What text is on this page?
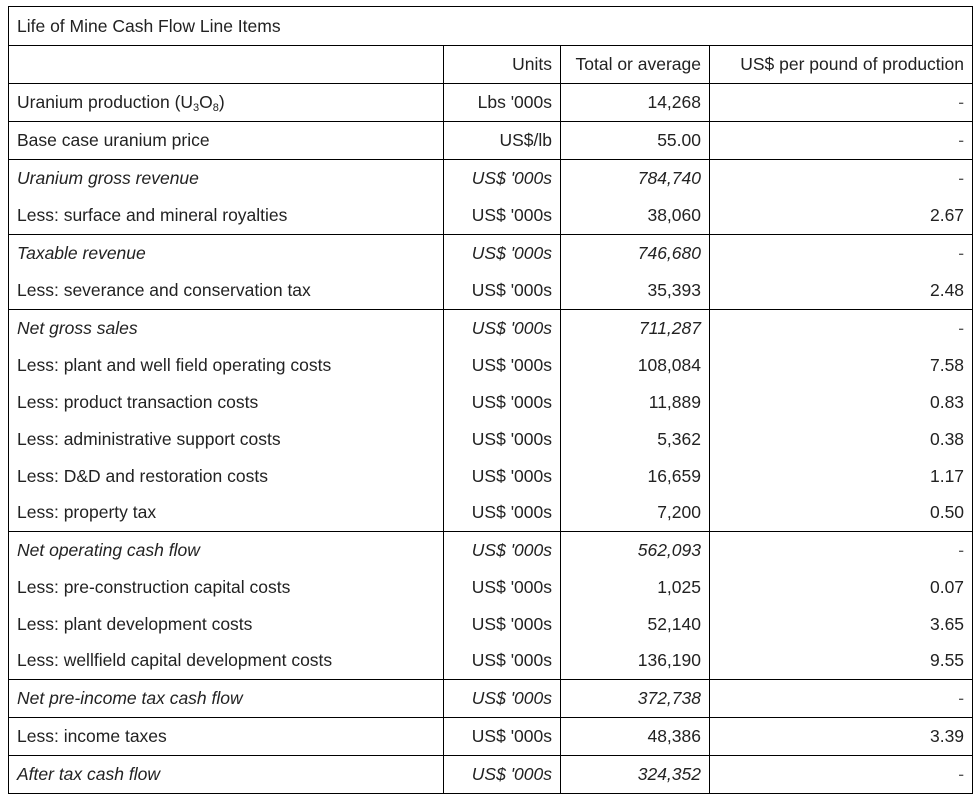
Life of Mine Cash Flow Line Items			
	Units	Total or average	US$ per pound of production
Uranium production $(U_3O_8)$	Lbs '000s	14,268	-
Base case uranium price	US$/lb	55.00	-
Uranium gross revenue	US$ '000s	784,740	-
Less: surface and mineral royalties	US$ '000s	38,060	2.67
Taxable revenue	US$ '000s	746,680	-
Less: severance and conservation tax	US$ '000s	35,393	2.48
Net gross sales	US$ '000s	711,287	-
Less: plant and well field operating costs	US$ '000s	108,084	7.58
Less: product transaction costs	US$ '000s	11,889	0.83
Less: administrative support costs	US$ '000s	5,362	0.38
Less: D&D and restoration costs	US$ '000s	16,659	1.17
Less: property tax	US$ '000s	7,200	0.50
Net operating cash flow	US$ '000s	562,093	-
Less: pre-construction capital costs	US$ '000s	1,025	0.07
Less: plant development costs	US$ '000s	52,140	3.65
Less: wellfield capital development costs	US$ '000s	136,190	9.55
Net pre-income tax cash flow	US$ '000s	372,738	-
Less: income taxes	US$ '000s	48,386	3.39
After tax cash flow	US$ '000s	324,352	-
